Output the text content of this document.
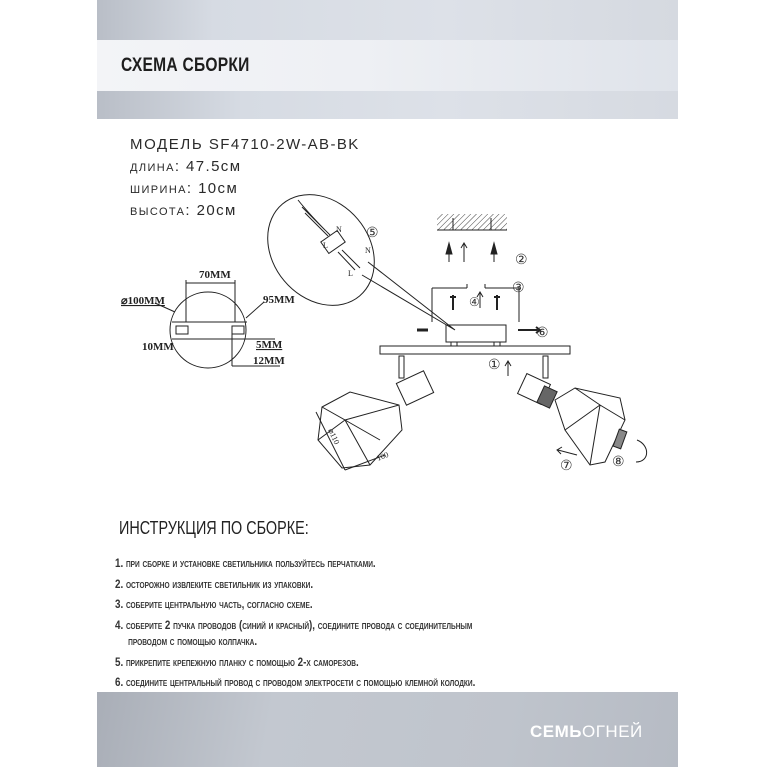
СХЕМА СБОРКИ
МОДЕЛЬ SF4710-2W-AB-BK
длина: 47.5см
ширина: 10см
высота: 20см
70MM
⌀100MM	95MM
10MM	5MM
12MM
N
L
N
L
⌀110
100
①
②
③
④
⑤
⑥
⑦	⑧
ИНСТРУКЦИЯ ПО СБОРКЕ:
1. при сборке и установке светильника пользуйтесь перчатками.
2. осторожно извлеките светильник из упаковки.
3. соберите центральную часть, согласно схеме.
4. соберите 2 пучка проводов (синий и красный), соедините провода с соединительным
проводом с помощью колпачка.
5. прикрепите крепежную планку с помощью 2-х саморезов.
6. соедините центральный провод с проводом электросети с помощью клемной колодки.
СЕМЬОГНЕЙ
